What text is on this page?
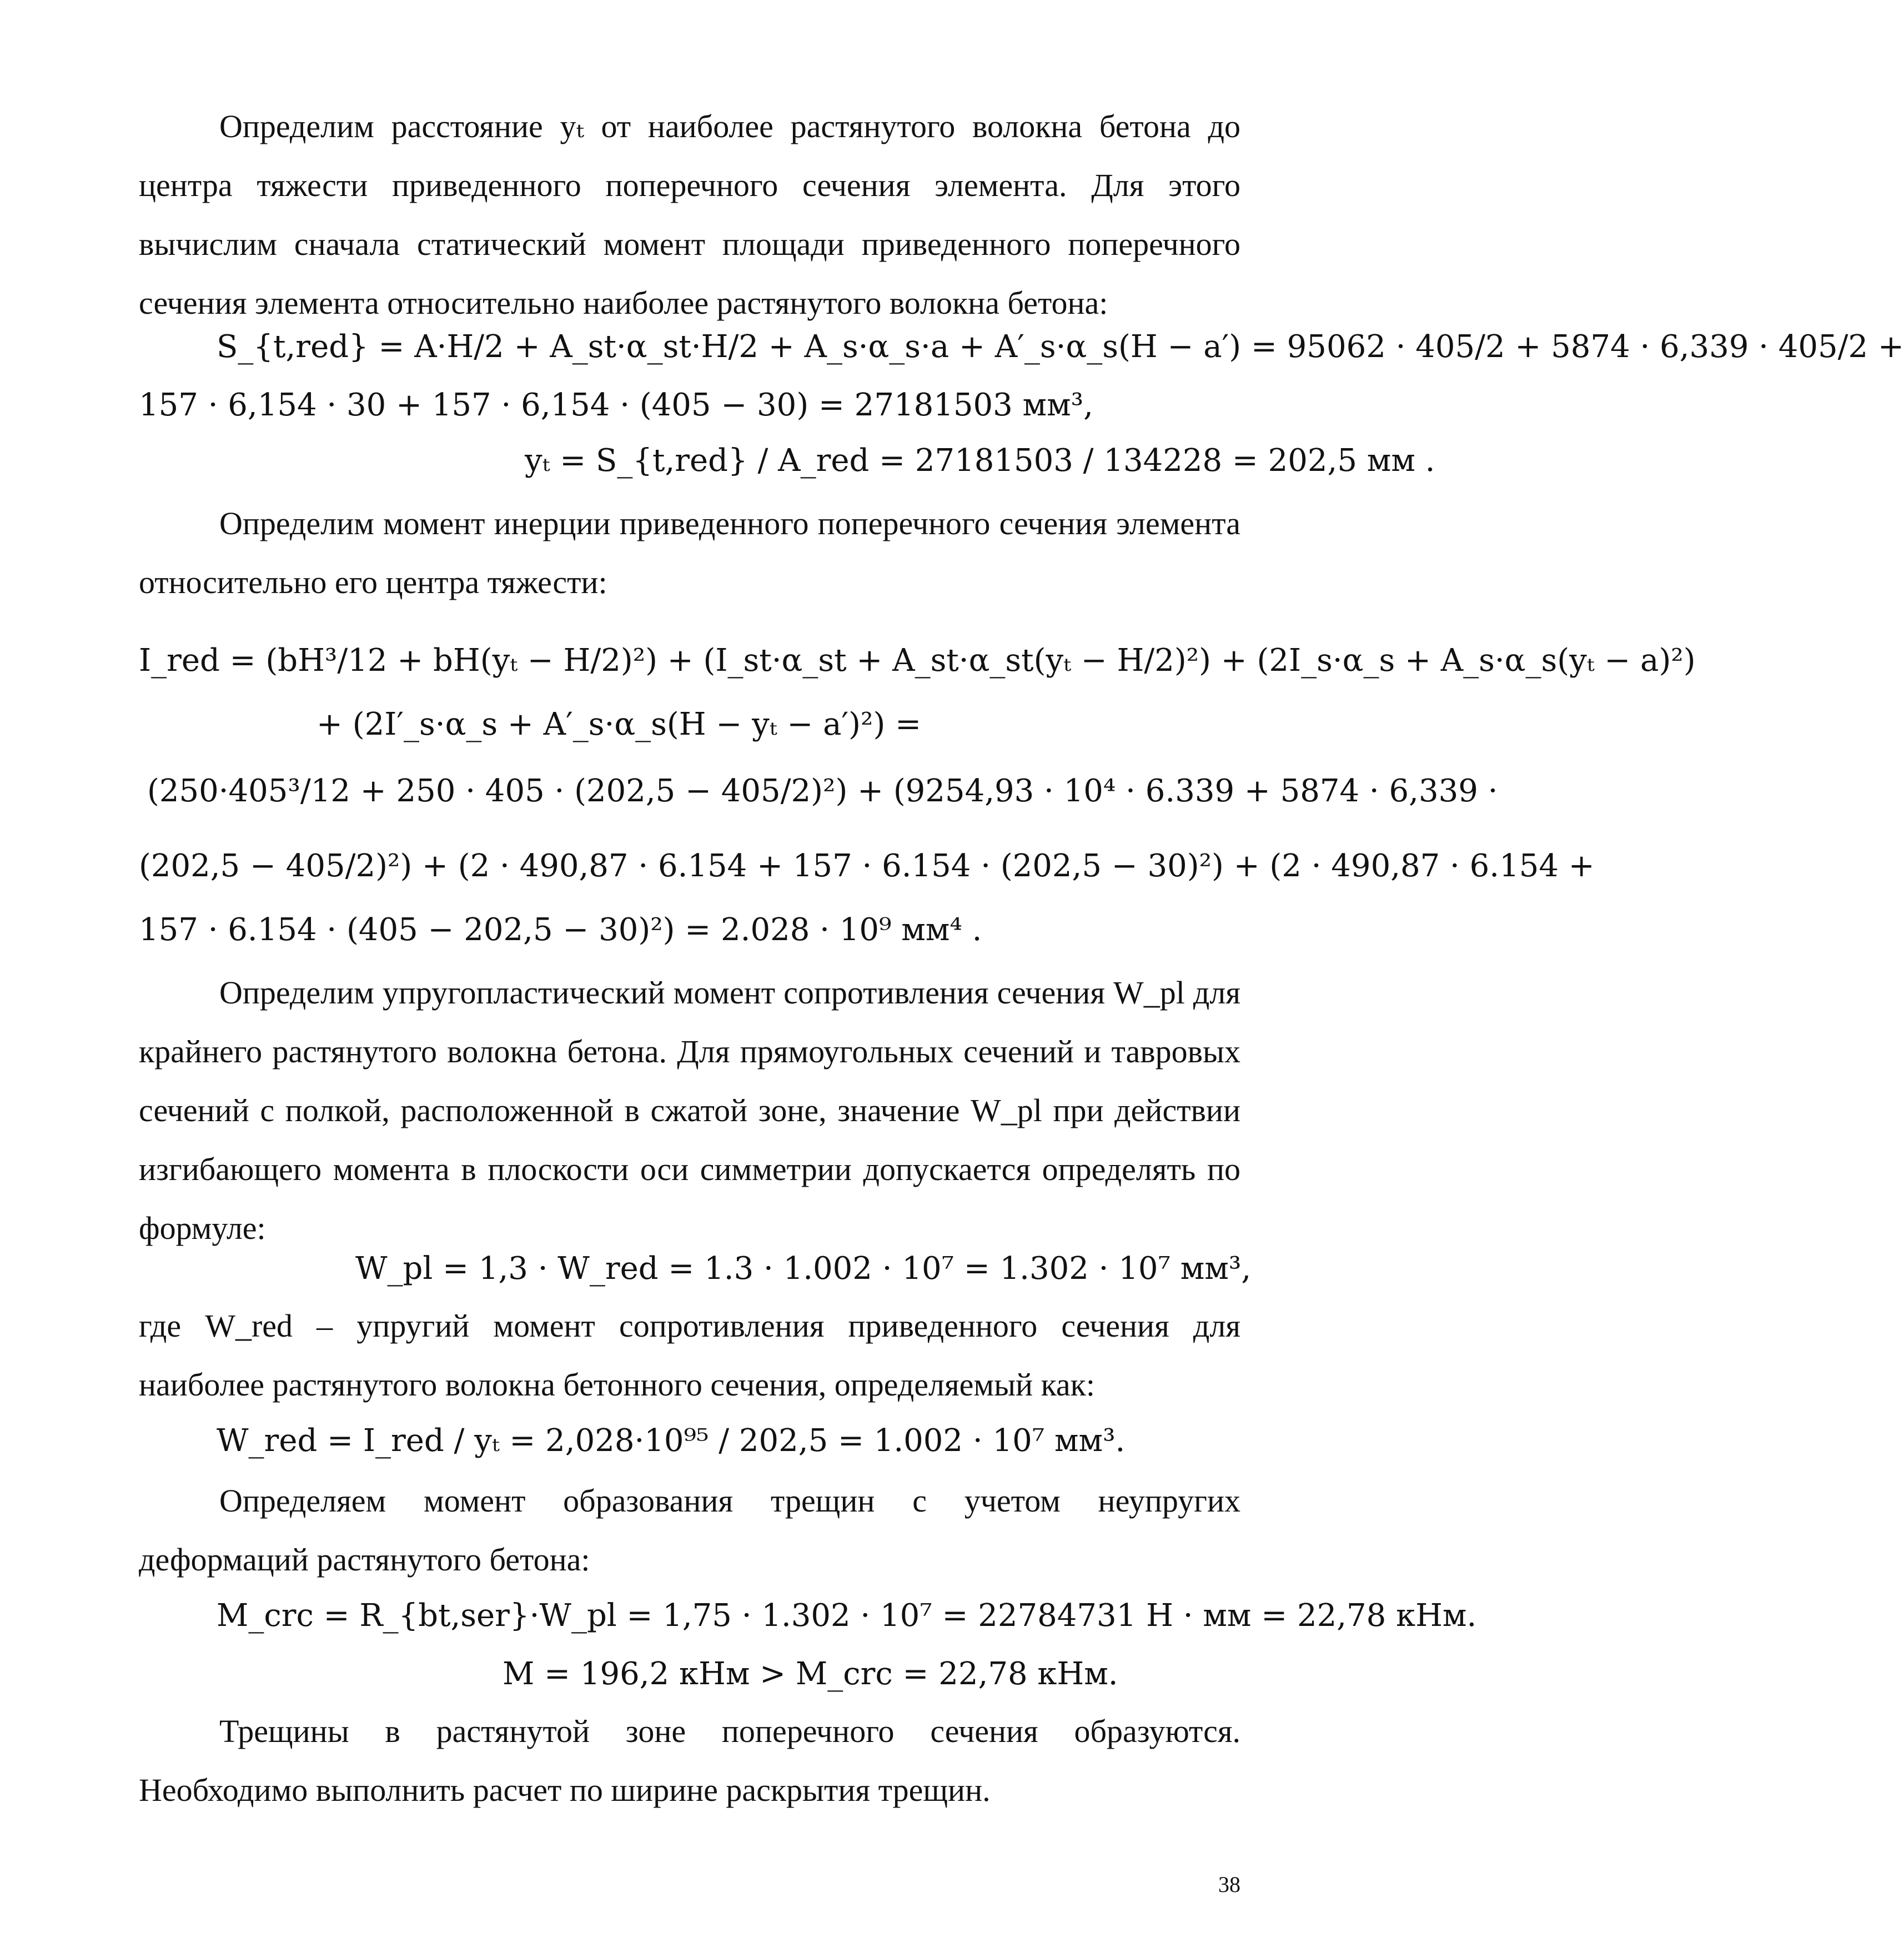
Определим расстояние yₜ от наиболее растянутого волокна бетона до центра тяжести приведенного поперечного сечения элемента. Для этого вычислим сначала статический момент площади приведенного поперечного сечения элемента относительно наиболее растянутого волокна бетона:
S_{t,red} = A·H/2 + A_st·α_st·H/2 + A_s·α_s·a + A′_s·α_s(H − a′) = 95062 · 405/2 + 5874 · 6,339 · 405/2 +
157 · 6,154 · 30 + 157 · 6,154 · (405 − 30) = 27181503 мм³,
yₜ = S_{t,red} / A_red = 27181503 / 134228 = 202,5 мм .
Определим момент инерции приведенного поперечного сечения элемента относительно его центра тяжести:
I_red = (bH³/12 + bH(yₜ − H/2)²) + (I_st·α_st + A_st·α_st(yₜ − H/2)²) + (2I_s·α_s + A_s·α_s(yₜ − a)²)
+ (2I′_s·α_s + A′_s·α_s(H − yₜ − a′)²) =
(250·405³/12 + 250 · 405 · (202,5 − 405/2)²) + (9254,93 · 10⁴ · 6.339 + 5874 · 6,339 ·
(202,5 − 405/2)²) + (2 · 490,87 · 6.154 + 157 · 6.154 · (202,5 − 30)²) + (2 · 490,87 · 6.154 +
157 · 6.154 · (405 − 202,5 − 30)²) = 2.028 · 10⁹ мм⁴ .
Определим упругопластический момент сопротивления сечения W_pl для крайнего растянутого волокна бетона. Для прямоугольных сечений и тавровых сечений с полкой, расположенной в сжатой зоне, значение W_pl при действии изгибающего момента в плоскости оси симметрии допускается определять по формуле:
W_pl = 1,3 · W_red = 1.3 · 1.002 · 10⁷ = 1.302 · 10⁷ мм³,
где W_red – упругий момент сопротивления приведенного сечения для наиболее растянутого волокна бетонного сечения, определяемый как:
W_red = I_red / yₜ = 2,028·10⁹⁵ / 202,5 = 1.002 · 10⁷ мм³.
Определяем момент образования трещин с учетом неупругих деформаций растянутого бетона:
M_crc = R_{bt,ser}·W_pl = 1,75 · 1.302 · 10⁷ = 22784731 Н · мм = 22,78 кНм.
M = 196,2 кНм > M_crc = 22,78 кНм.
Трещины в растянутой зоне поперечного сечения образуются. Необходимо выполнить расчет по ширине раскрытия трещин.
38
